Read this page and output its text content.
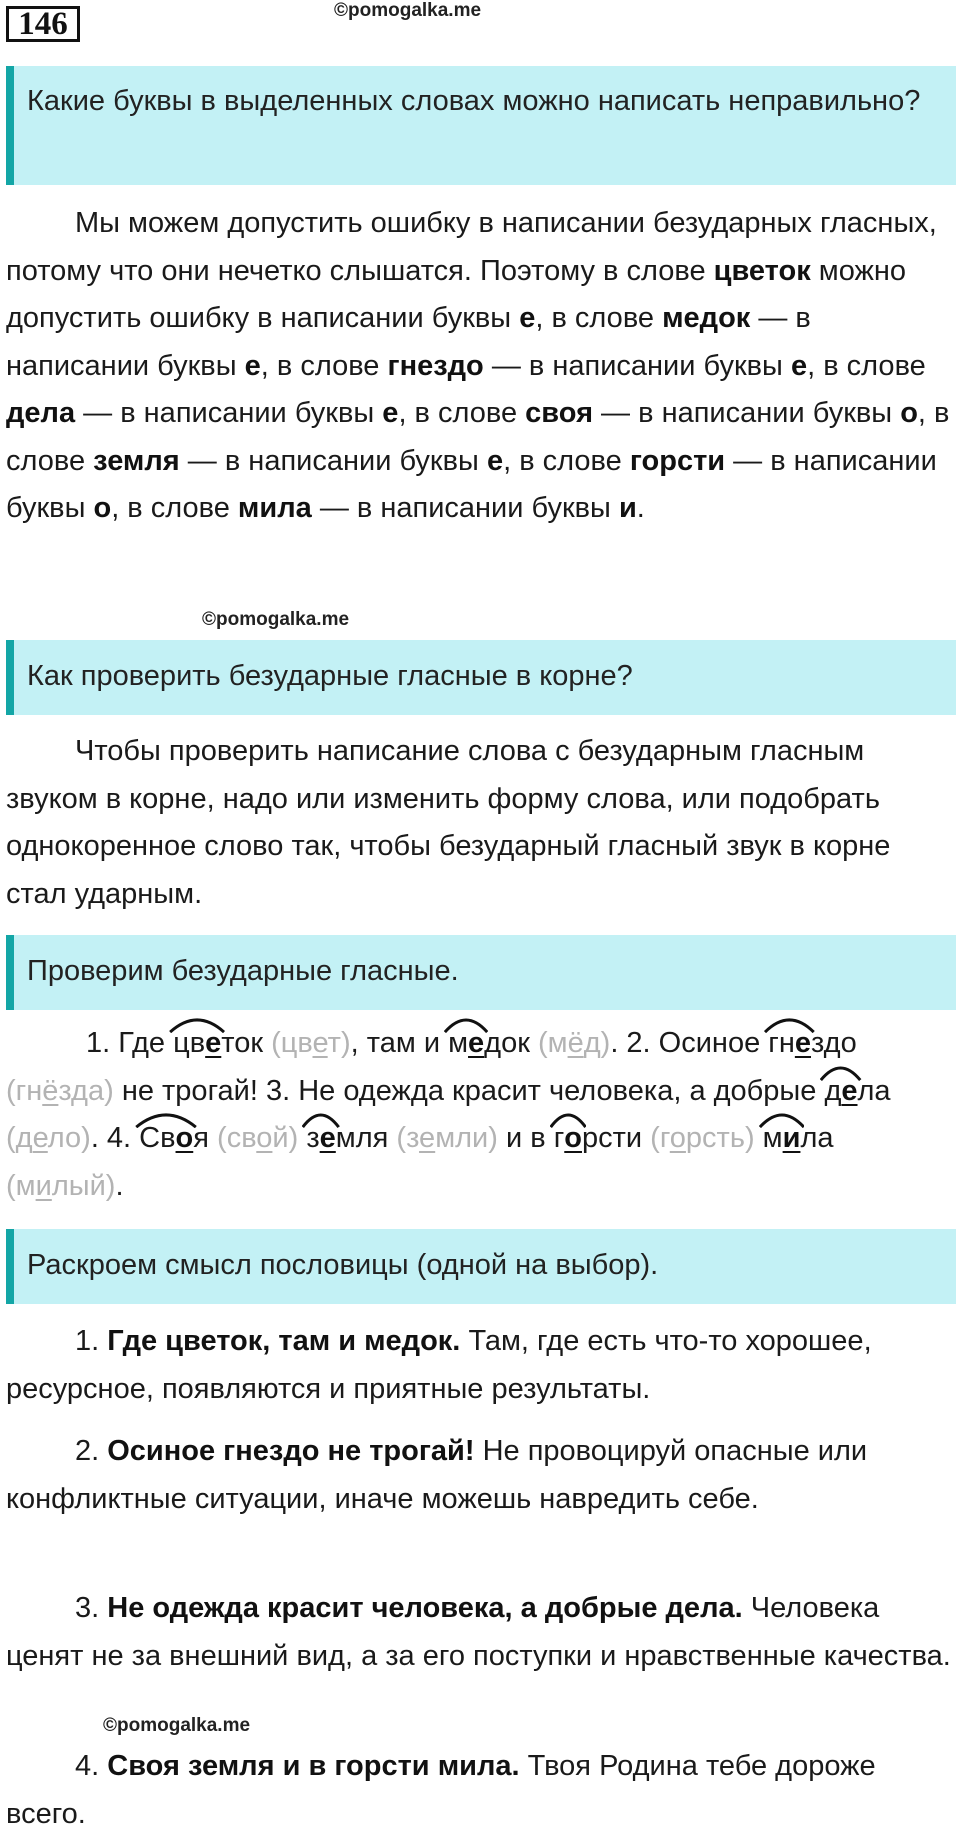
146	©pomogalka.me
©pomogalka.me
©pomogalka.me
Какие буквы в выделенных словах можно написать неправильно?

Мы можем допустить ошибку в написании безударных гласных, потому что они нечетко слышатся. Поэтому в слове цветок можно допустить ошибку в написании буквы е, в слове медок — в написании буквы е, в слове гнездо — в написании буквы е, в слове дела — в написании буквы е, в слове своя — в написании буквы о, в слове земля — в написании буквы е, в слове горсти — в написании буквы о, в слове мила — в написании буквы и.

Как проверить безударные гласные в корне?

Чтобы проверить написание слова с безударным гласным звуком в корне, надо или изменить форму слова, или подобрать однокоренное слово так, чтобы безударный гласный звук в корне стал ударным.

Проверим безударные гласные.

1. Где цве
ток (цвет), там и ме
док (мёд). 2. Осиное гне
здо (гнёзда) не трогай! 3. Не одежда красит человека, а добрые де
ла (дело). 4. Сво
я (свой) зе
мля (земли) и в го
рсти (горсть) ми
ла (милый).

Раскроем смысл пословицы (одной на выбор).

1. Где цветок, там и медок. Там, где есть что-то хорошее, ресурсное, появляются и приятные результаты.

2. Осиное гнездо не трогай! Не провоцируй опасные или конфликтные ситуации, иначе можешь навредить себе.

3. Не одежда красит человека, а добрые дела. Человека ценят не за внешний вид, а за его поступки и нравственные качества.

4. Своя земля и в горсти мила. Твоя Родина тебе дороже всего.
